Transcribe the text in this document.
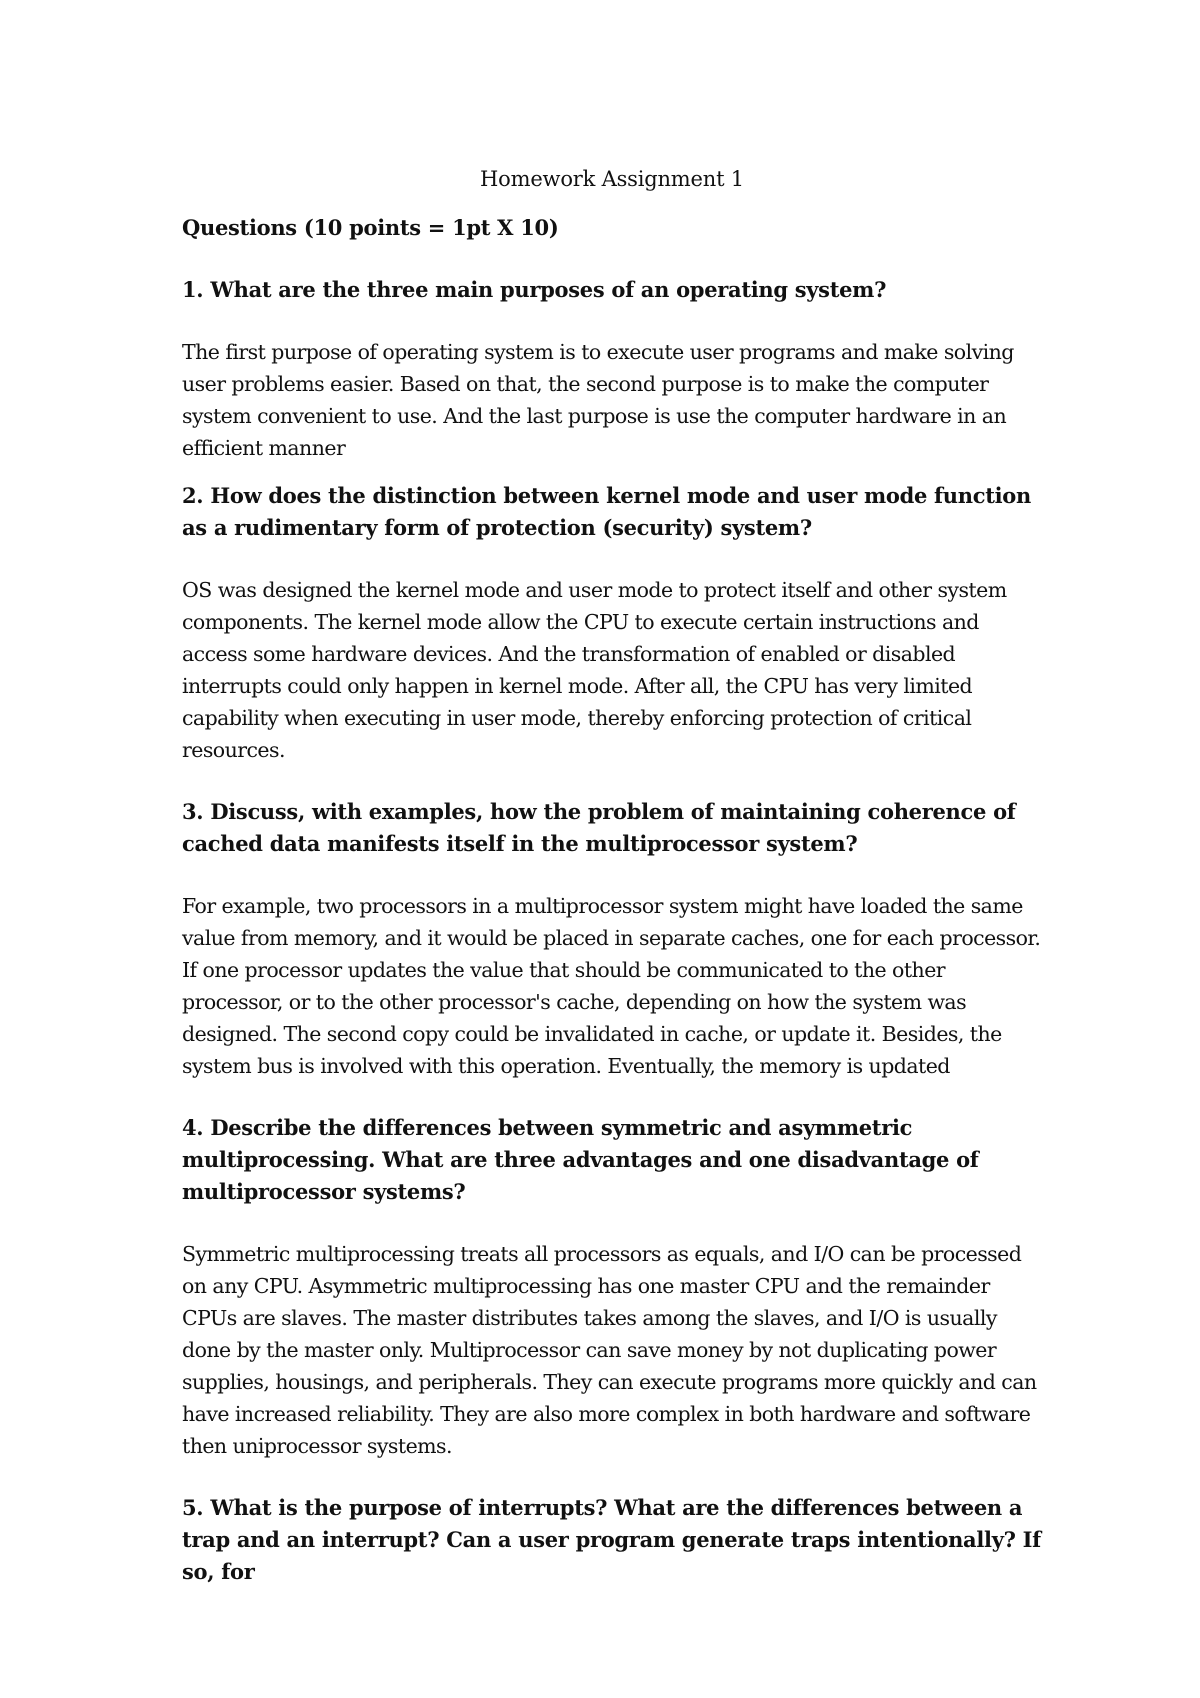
Homework Assignment 1
Questions (10 points = 1pt X 10)
1. What are the three main purposes of an operating system?
The first purpose of operating system is to execute user programs and make solving user problems easier. Based on that, the second purpose is to make the computer system convenient to use. And the last purpose is use the computer hardware in an efficient manner
2. How does the distinction between kernel mode and user mode function as a rudimentary form of protection (security) system?
OS was designed the kernel mode and user mode to protect itself and other system components. The kernel mode allow the CPU to execute certain instructions and access some hardware devices. And the transformation of enabled or disabled interrupts could only happen in kernel mode. After all, the CPU has very limited capability when executing in user mode, thereby enforcing protection of critical resources.
3. Discuss, with examples, how the problem of maintaining coherence of cached data manifests itself in the multiprocessor system?
For example, two processors in a multiprocessor system might have loaded the same value from memory, and it would be placed in separate caches, one for each processor. If one processor updates the value that should be communicated to the other processor, or to the other processor's cache, depending on how the system was designed. The second copy could be invalidated in cache, or update it. Besides, the system bus is involved with this operation. Eventually, the memory is updated
4. Describe the differences between symmetric and asymmetric multiprocessing. What are three advantages and one disadvantage of multiprocessor systems?
Symmetric multiprocessing treats all processors as equals, and I/O can be processed on any CPU. Asymmetric multiprocessing has one master CPU and the remainder CPUs are slaves. The master distributes takes among the slaves, and I/O is usually done by the master only. Multiprocessor can save money by not duplicating power supplies, housings, and peripherals. They can execute programs more quickly and can have increased reliability. They are also more complex in both hardware and software then uniprocessor systems.
5. What is the purpose of interrupts? What are the differences between a trap and an interrupt? Can a user program generate traps intentionally? If so, for
